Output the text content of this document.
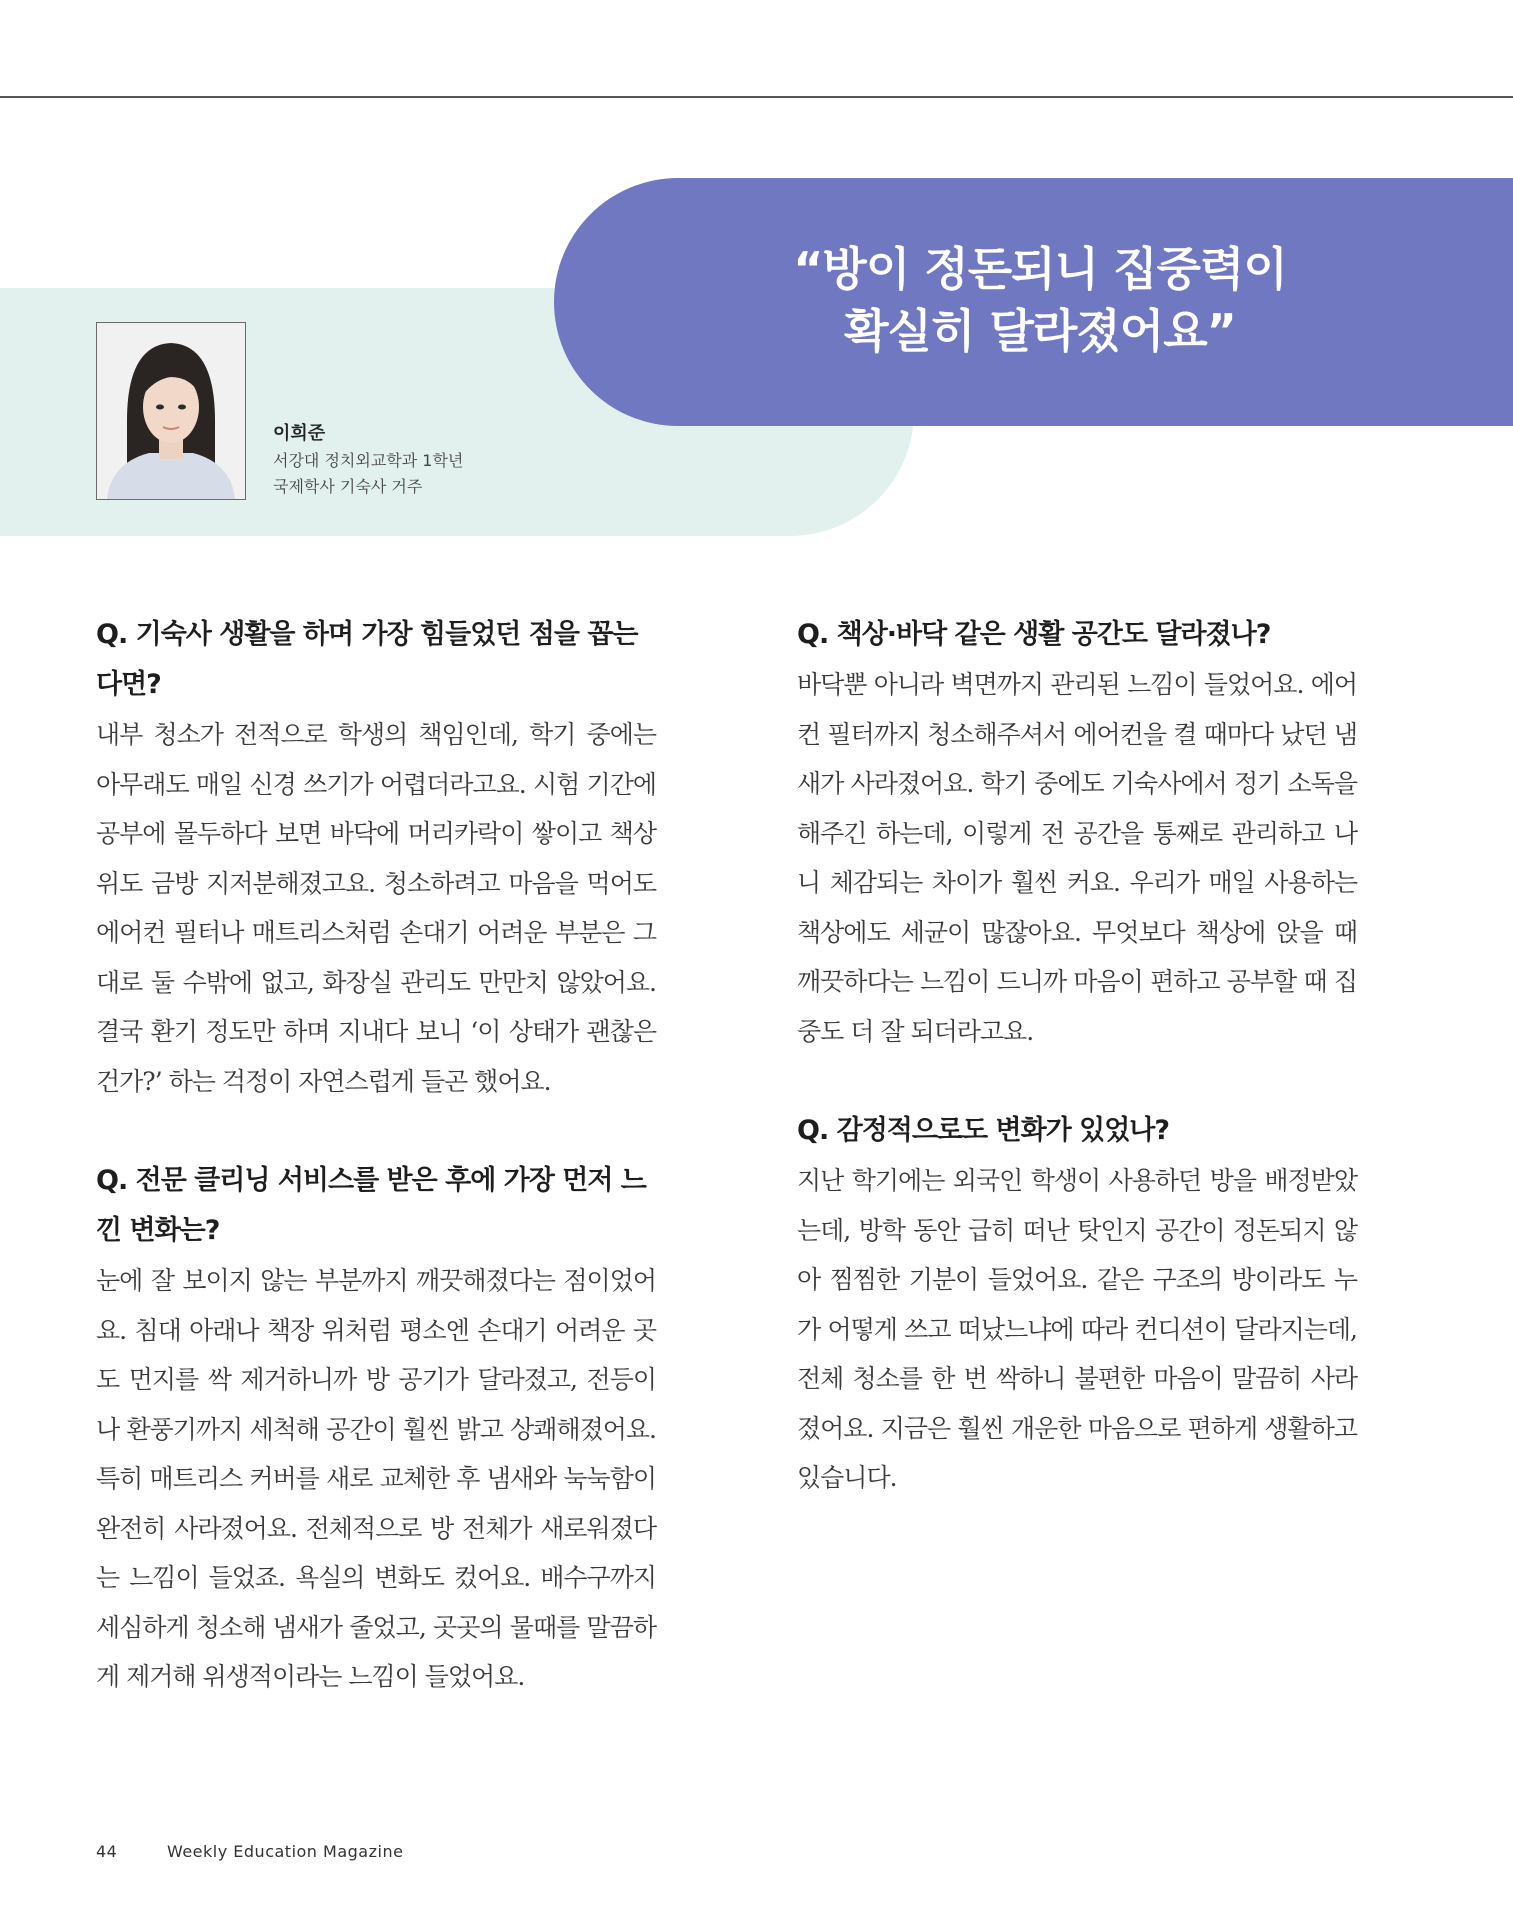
“방이 정돈되니 집중력이
확실히 달라졌어요”
이희준
서강대 정치외교학과 1학년
국제학사 기숙사 거주

Q. 기숙사 생활을 하며 가장 힘들었던 점을 꼽는다면?

내부 청소가 전적으로 학생의 책임인데, 학기 중에는 아무래도 매일 신경 쓰기가 어렵더라고요. 시험 기간에 공부에 몰두하다 보면 바닥에 머리카락이 쌓이고 책상 위도 금방 지저분해졌고요. 청소하려고 마음을 먹어도 에어컨 필터나 매트리스처럼 손대기 어려운 부분은 그대로 둘 수밖에 없고, 화장실 관리도 만만치 않았어요. 결국 환기 정도만 하며 지내다 보니 ‘이 상태가 괜찮은 건가?’ 하는 걱정이 자연스럽게 들곤 했어요.

Q. 전문 클리닝 서비스를 받은 후에 가장 먼저 느낀 변화는?

눈에 잘 보이지 않는 부분까지 깨끗해졌다는 점이었어요. 침대 아래나 책장 위처럼 평소엔 손대기 어려운 곳도 먼지를 싹 제거하니까 방 공기가 달라졌고, 전등이나 환풍기까지 세척해 공간이 훨씬 밝고 상쾌해졌어요. 특히 매트리스 커버를 새로 교체한 후 냄새와 눅눅함이 완전히 사라졌어요. 전체적으로 방 전체가 새로워졌다는 느낌이 들었죠. 욕실의 변화도 컸어요. 배수구까지 세심하게 청소해 냄새가 줄었고, 곳곳의 물때를 말끔하게 제거해 위생적이라는 느낌이 들었어요.

Q. 책상·바닥 같은 생활 공간도 달라졌나?

바닥뿐 아니라 벽면까지 관리된 느낌이 들었어요. 에어컨 필터까지 청소해주셔서 에어컨을 켤 때마다 났던 냄새가 사라졌어요. 학기 중에도 기숙사에서 정기 소독을 해주긴 하는데, 이렇게 전 공간을 통째로 관리하고 나니 체감되는 차이가 훨씬 커요. 우리가 매일 사용하는 책상에도 세균이 많잖아요. 무엇보다 책상에 앉을 때 깨끗하다는 느낌이 드니까 마음이 편하고 공부할 때 집중도 더 잘 되더라고요.

Q. 감정적으로도 변화가 있었나?

지난 학기에는 외국인 학생이 사용하던 방을 배정받았는데, 방학 동안 급히 떠난 탓인지 공간이 정돈되지 않아 찜찜한 기분이 들었어요. 같은 구조의 방이라도 누가 어떻게 쓰고 떠났느냐에 따라 컨디션이 달라지는데, 전체 청소를 한 번 싹하니 불편한 마음이 말끔히 사라졌어요. 지금은 훨씬 개운한 마음으로 편하게 생활하고 있습니다.

44	Weekly Education Magazine
